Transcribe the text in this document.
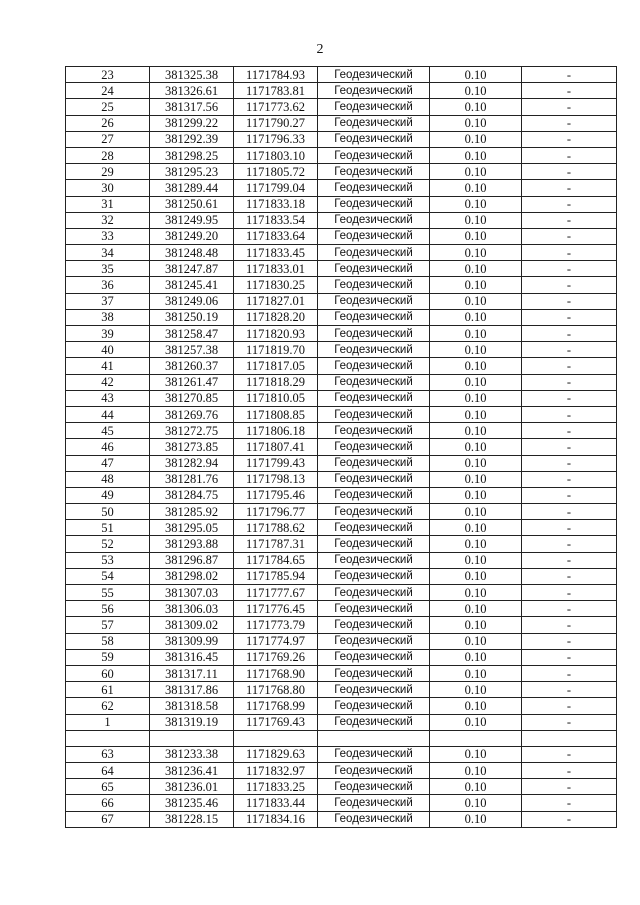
2
23	381325.38	1171784.93	Геодезический	0.10	-
24	381326.61	1171783.81	Геодезический	0.10	-
25	381317.56	1171773.62	Геодезический	0.10	-
26	381299.22	1171790.27	Геодезический	0.10	-
27	381292.39	1171796.33	Геодезический	0.10	-
28	381298.25	1171803.10	Геодезический	0.10	-
29	381295.23	1171805.72	Геодезический	0.10	-
30	381289.44	1171799.04	Геодезический	0.10	-
31	381250.61	1171833.18	Геодезический	0.10	-
32	381249.95	1171833.54	Геодезический	0.10	-
33	381249.20	1171833.64	Геодезический	0.10	-
34	381248.48	1171833.45	Геодезический	0.10	-
35	381247.87	1171833.01	Геодезический	0.10	-
36	381245.41	1171830.25	Геодезический	0.10	-
37	381249.06	1171827.01	Геодезический	0.10	-
38	381250.19	1171828.20	Геодезический	0.10	-
39	381258.47	1171820.93	Геодезический	0.10	-
40	381257.38	1171819.70	Геодезический	0.10	-
41	381260.37	1171817.05	Геодезический	0.10	-
42	381261.47	1171818.29	Геодезический	0.10	-
43	381270.85	1171810.05	Геодезический	0.10	-
44	381269.76	1171808.85	Геодезический	0.10	-
45	381272.75	1171806.18	Геодезический	0.10	-
46	381273.85	1171807.41	Геодезический	0.10	-
47	381282.94	1171799.43	Геодезический	0.10	-
48	381281.76	1171798.13	Геодезический	0.10	-
49	381284.75	1171795.46	Геодезический	0.10	-
50	381285.92	1171796.77	Геодезический	0.10	-
51	381295.05	1171788.62	Геодезический	0.10	-
52	381293.88	1171787.31	Геодезический	0.10	-
53	381296.87	1171784.65	Геодезический	0.10	-
54	381298.02	1171785.94	Геодезический	0.10	-
55	381307.03	1171777.67	Геодезический	0.10	-
56	381306.03	1171776.45	Геодезический	0.10	-
57	381309.02	1171773.79	Геодезический	0.10	-
58	381309.99	1171774.97	Геодезический	0.10	-
59	381316.45	1171769.26	Геодезический	0.10	-
60	381317.11	1171768.90	Геодезический	0.10	-
61	381317.86	1171768.80	Геодезический	0.10	-
62	381318.58	1171768.99	Геодезический	0.10	-
1	381319.19	1171769.43	Геодезический	0.10	-

63	381233.38	1171829.63	Геодезический	0.10	-
64	381236.41	1171832.97	Геодезический	0.10	-
65	381236.01	1171833.25	Геодезический	0.10	-
66	381235.46	1171833.44	Геодезический	0.10	-
67	381228.15	1171834.16	Геодезический	0.10	-
